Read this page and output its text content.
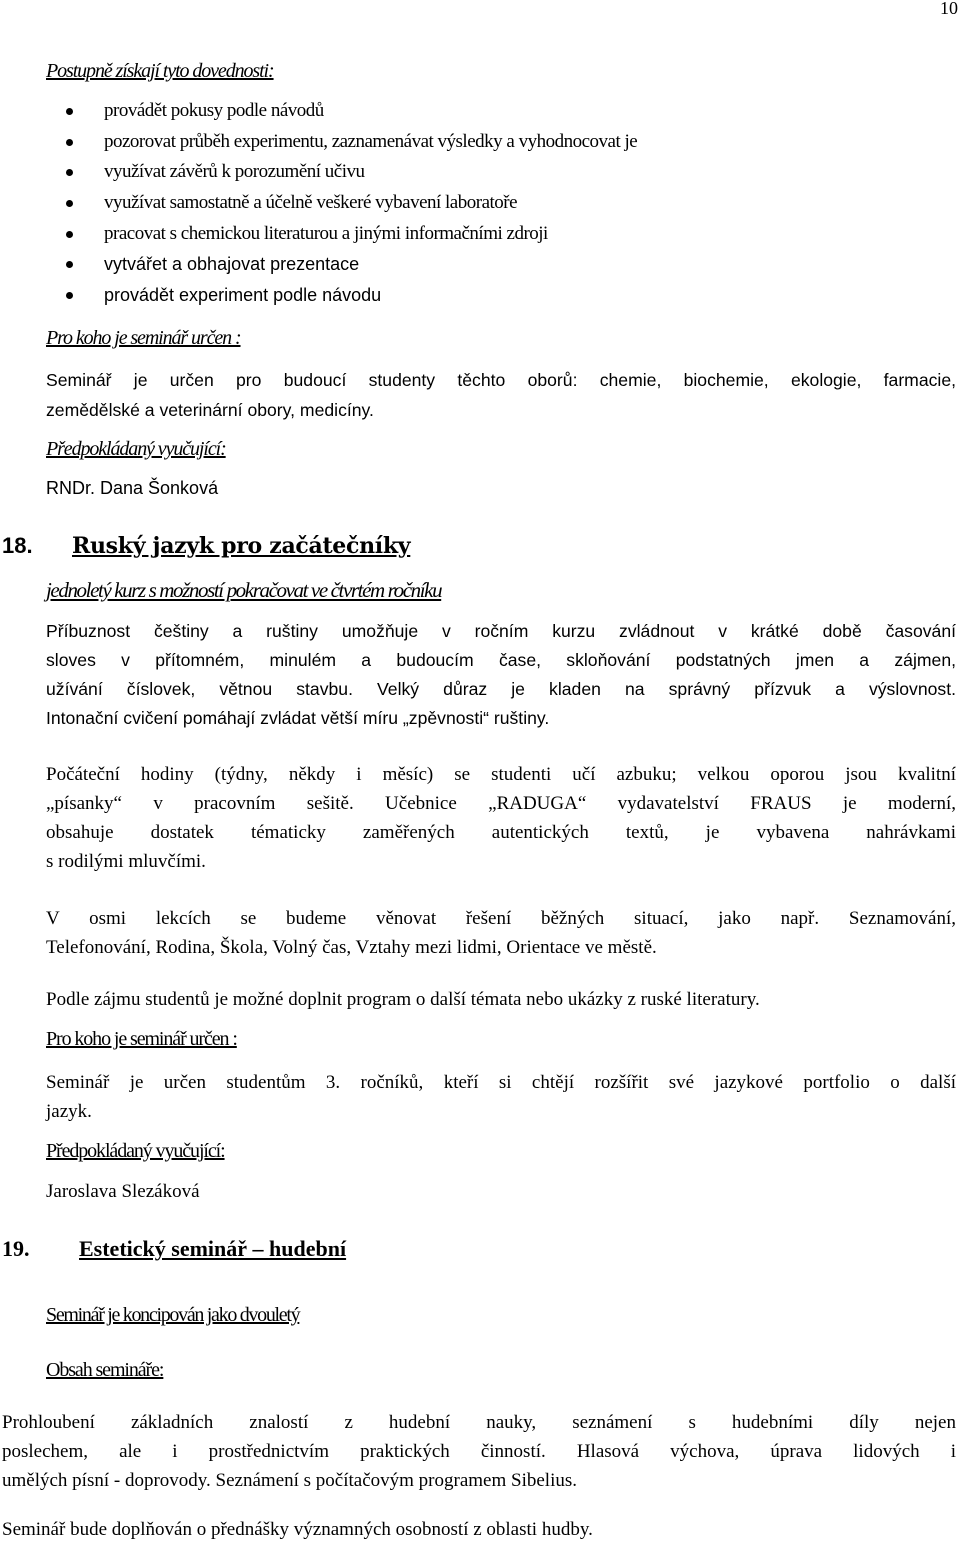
10
Postupně získají tyto dovednosti:
provádět pokusy podle návodů
pozorovat průběh experimentu, zaznamenávat výsledky a vyhodnocovat je
využívat závěrů k porozumění učivu
využívat samostatně a účelně veškeré vybavení laboratoře
pracovat s chemickou literaturou a jinými informačními zdroji
vytvářet a obhajovat prezentace
provádět experiment podle návodu
Pro koho je seminář určen :
Seminář je určen pro budoucí studenty těchto oborů: chemie, biochemie, ekologie, farmacie,
zemědělské a veterinární obory, medicíny.
Předpokládaný vyučující:
RNDr. Dana Šonková
18. Ruský jazyk pro začátečníky
jednoletý kurz s možností pokračovat ve čtvrtém ročníku
Příbuznost češtiny a ruštiny umožňuje v ročním kurzu zvládnout v krátké době časování
sloves v přítomném, minulém a budoucím čase, skloňování podstatných jmen a zájmen,
užívání číslovek, větnou stavbu. Velký důraz je kladen na správný přízvuk a výslovnost.
Intonační cvičení pomáhají zvládat větší míru „zpěvnosti“ ruštiny.
Počáteční hodiny (týdny, někdy i měsíc) se studenti učí azbuku; velkou oporou jsou kvalitní
„písanky“ v pracovním sešitě. Učebnice „RADUGA“ vydavatelství FRAUS je moderní,
obsahuje dostatek tématicky zaměřených autentických textů, je vybavena nahrávkami
s rodilými mluvčími.
V osmi lekcích se budeme věnovat řešení běžných situací, jako např. Seznamování,
Telefonování, Rodina, Škola, Volný čas, Vztahy mezi lidmi, Orientace ve městě.
Podle zájmu studentů je možné doplnit program o další témata nebo ukázky z ruské literatury.
Pro koho je seminář určen :
Seminář je určen studentům 3. ročníků, kteří si chtějí rozšířit své jazykové portfolio o další
jazyk.
Předpokládaný vyučující:
Jaroslava Slezáková
19. Estetický seminář – hudební
Seminář je koncipován jako dvouletý
Obsah semináře:
Prohloubení základních znalostí z hudební nauky, seznámení s hudebními díly nejen
poslechem, ale i prostřednictvím praktických činností. Hlasová výchova, úprava lidových i
umělých písní - doprovody. Seznámení s počítačovým programem Sibelius.
Seminář bude doplňován o přednášky významných osobností z oblasti hudby.
